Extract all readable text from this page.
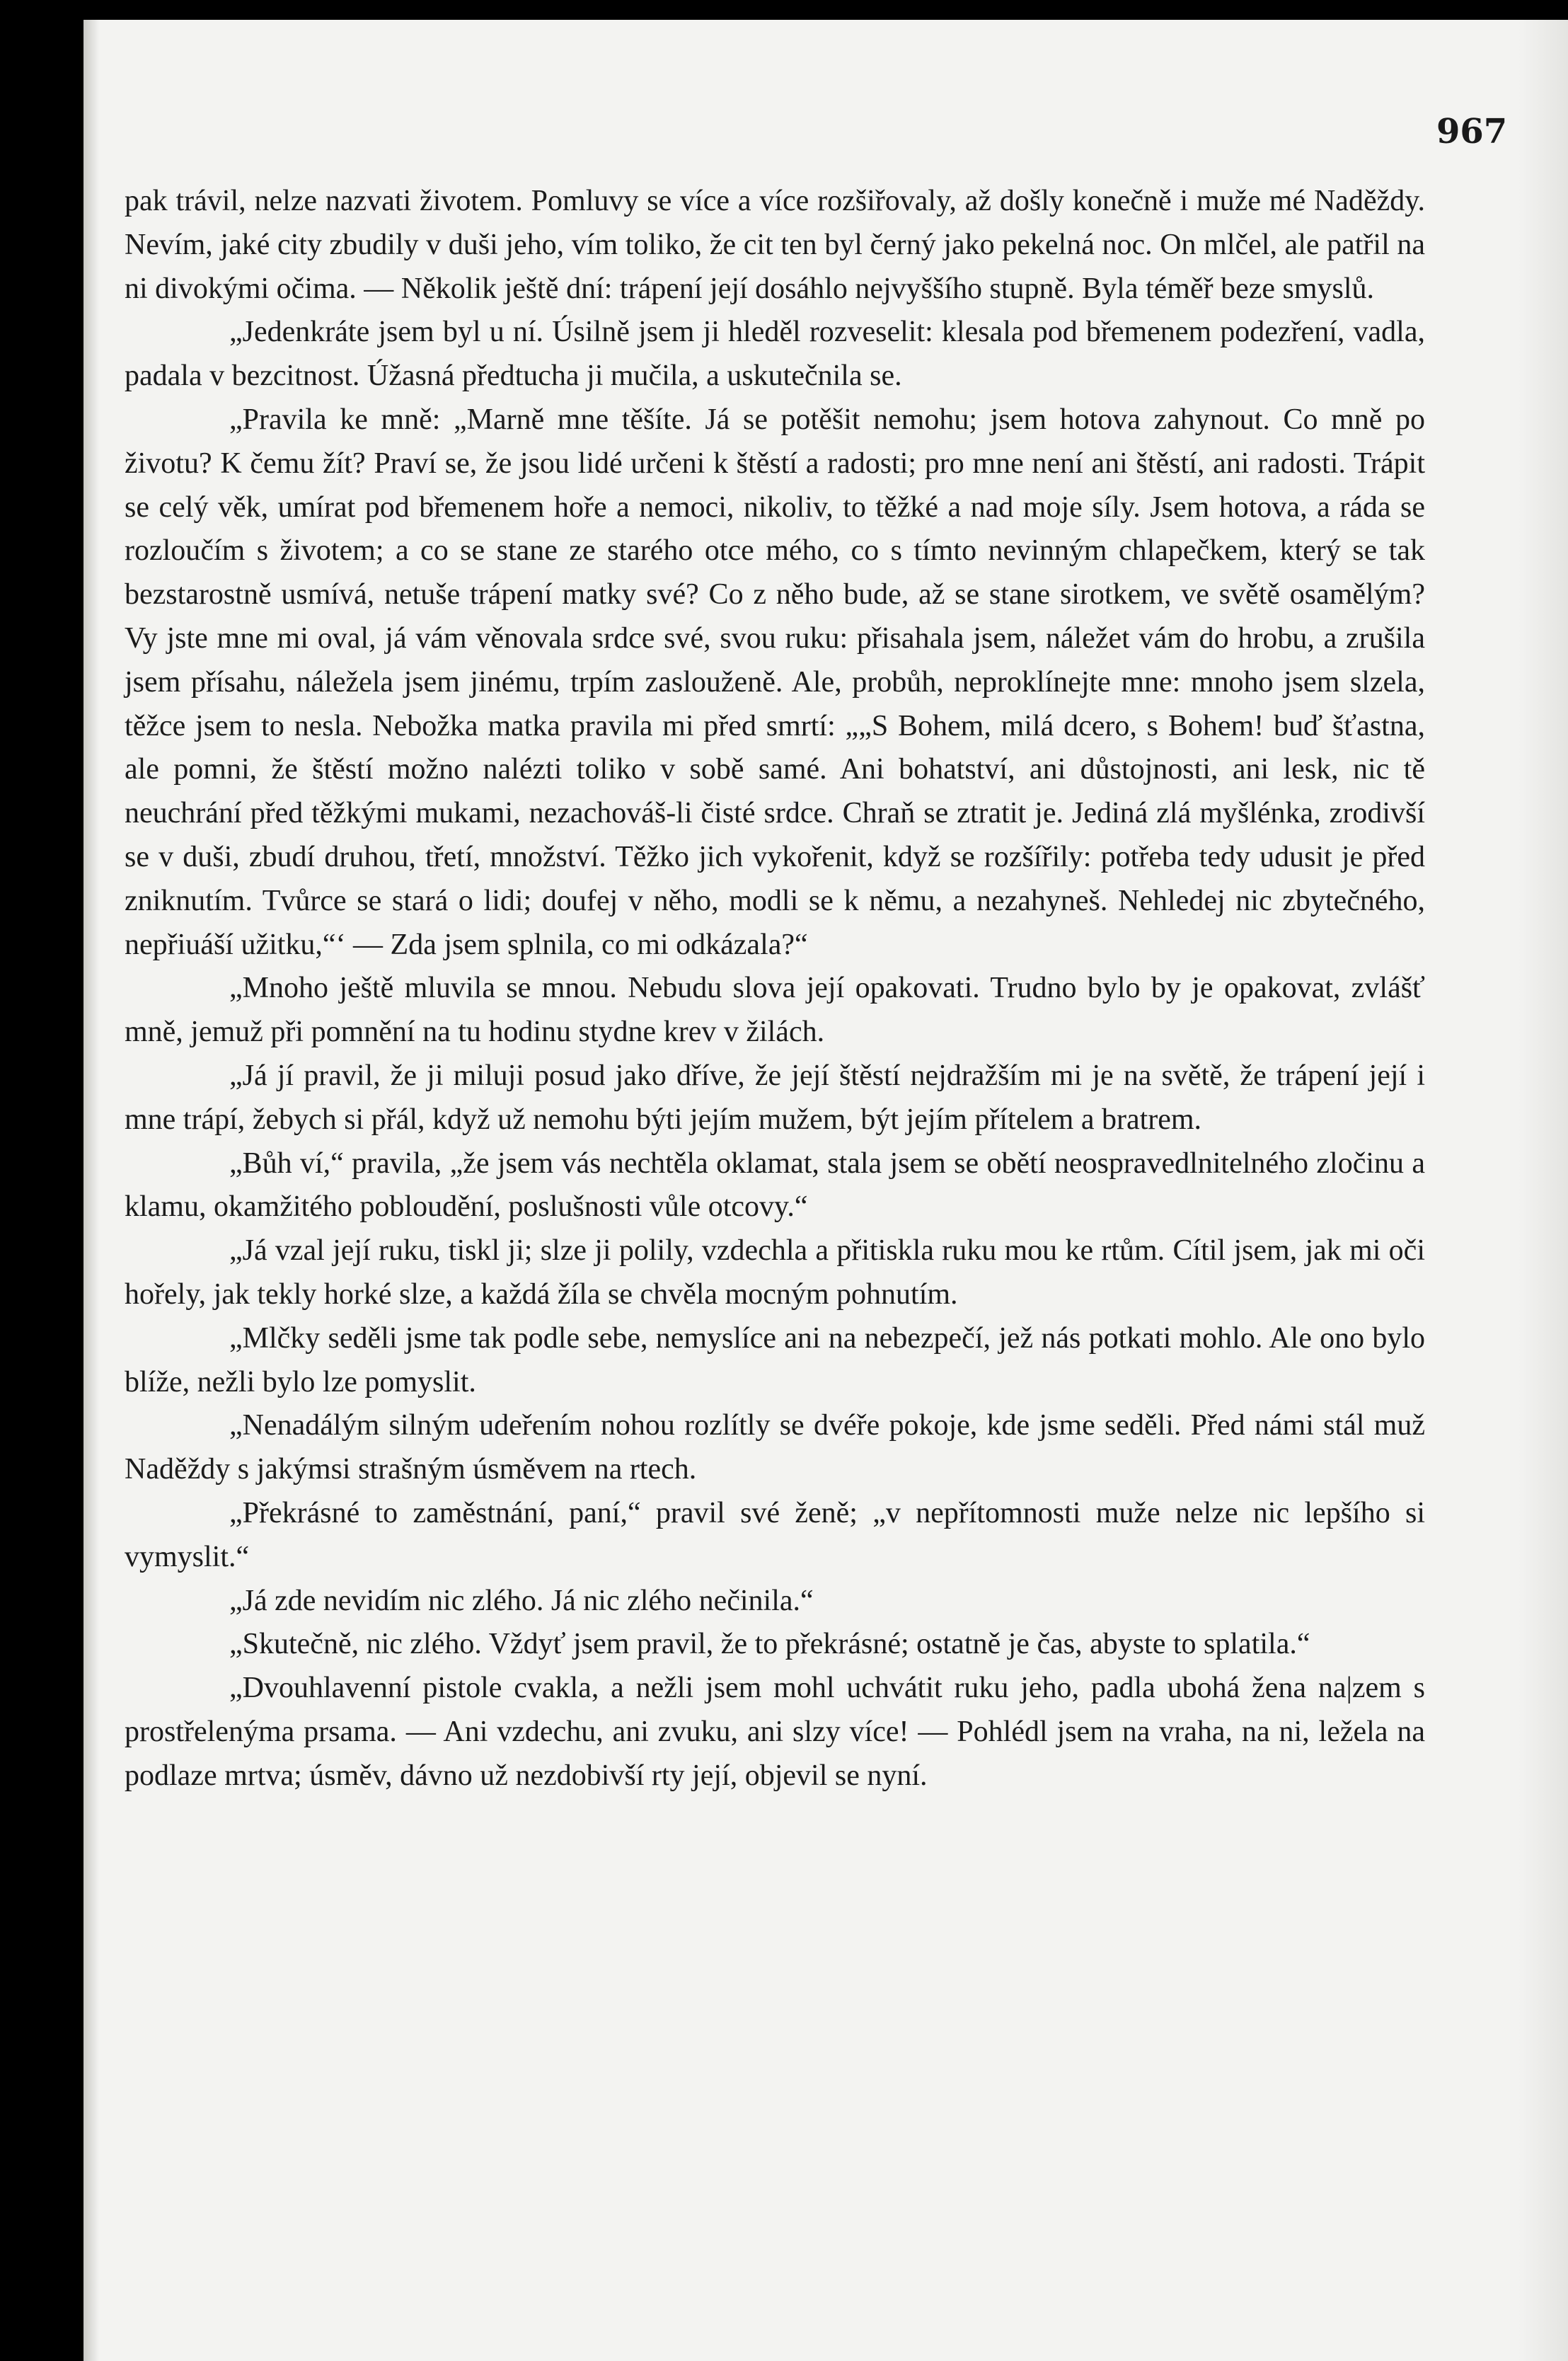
967

pak trávil, nelze nazvati životem. Pomluvy se více a více rozšiřovaly, až došly konečně i muže mé Naděždy. Nevím, jaké city zbudily v duši jeho, vím toliko, že cit ten byl černý jako pekelná noc. On mlčel, ale patřil na ni divokými očima. — Několik ještě dní: trápení její dosáhlo nejvyššího stupně. Byla téměř beze smyslů.

„Jedenkráte jsem byl u ní. Úsilně jsem ji hleděl rozveselit: klesala pod břemenem podezření, vadla, padala v bezcitnost. Úžasná předtucha ji mučila, a uskutečnila se.

„Pravila ke mně: „Marně mne těšíte. Já se potěšit nemohu; jsem hotova zahynout. Co mně po životu? K čemu žít? Praví se, že jsou lidé určeni k štěstí a radosti; pro mne není ani štěstí, ani radosti. Trápit se celý věk, umírat pod břemenem hoře a nemoci, nikoliv, to těžké a nad moje síly. Jsem hotova, a ráda se rozloučím s životem; a co se stane ze starého otce mého, co s tímto nevinným chlapečkem, který se tak bezstarostně usmívá, netuše trápení matky své? Co z něho bude, až se stane sirotkem, ve světě osamělým? Vy jste mne mi oval, já vám věnovala srdce své, svou ruku: přisahala jsem, náležet vám do hrobu, a zrušila jsem přísahu, náležela jsem jinému, trpím zaslouženě. Ale, probůh, neproklínejte mne: mnoho jsem slzela, těžce jsem to nesla. Nebožka matka pravila mi před smrtí: „„S Bohem, milá dcero, s Bohem! buď šťastna, ale pomni, že štěstí možno nalézti toliko v sobě samé. Ani bohatství, ani důstojnosti, ani lesk, nic tě neuchrání před těžkými mukami, nezachováš-li čisté srdce. Chraň se ztratit je. Jediná zlá myšlénka, zrodivší se v duši, zbudí druhou, třetí, množství. Těžko jich vykořenit, když se rozšířily: potřeba tedy udusit je před zniknutím. Tvůrce se stará o lidi; doufej v něho, modli se k němu, a nezahyneš. Nehledej nic zbytečného, nepřiuáší užitku,“‘ — Zda jsem splnila, co mi odkázala?“

„Mnoho ještě mluvila se mnou. Nebudu slova její opakovati. Trudno bylo by je opakovat, zvlášť mně, jemuž při pomnění na tu hodinu stydne krev v žilách.

„Já jí pravil, že ji miluji posud jako dříve, že její štěstí nejdražším mi je na světě, že trápení její i mne trápí, žebych si přál, když už nemohu býti jejím mužem, být jejím přítelem a bratrem.

„Bůh ví,“ pravila, „že jsem vás nechtěla oklamat, stala jsem se obětí neospravedlnitelného zločinu a klamu, okamžitého pobloudění, poslušnosti vůle otcovy.“

„Já vzal její ruku, tiskl ji; slze ji polily, vzdechla a přitiskla ruku mou ke rtům. Cítil jsem, jak mi oči hořely, jak tekly horké slze, a každá žíla se chvěla mocným pohnutím.

„Mlčky seděli jsme tak podle sebe, nemyslíce ani na nebezpečí, jež nás potkati mohlo. Ale ono bylo blíže, nežli bylo lze pomyslit.

„Nenadálým silným udeřením nohou rozlítly se dvéře pokoje, kde jsme seděli. Před námi stál muž Naděždy s jakýmsi strašným úsměvem na rtech.

„Překrásné to zaměstnání, paní,“ pravil své ženě; „v nepřítomnosti muže nelze nic lepšího si vymyslit.“

„Já zde nevidím nic zlého. Já nic zlého nečinila.“

„Skutečně, nic zlého. Vždyť jsem pravil, že to překrásné; ostatně je čas, abyste to splatila.“

„Dvouhlavenní pistole cvakla, a nežli jsem mohl uchvátit ruku jeho, padla ubohá žena na|zem s prostřelenýma prsama. — Ani vzdechu, ani zvuku, ani slzy více! — Pohlédl jsem na vraha, na ni, ležela na podlaze mrtva; úsměv, dávno už nezdobivší rty její, objevil se nyní.
